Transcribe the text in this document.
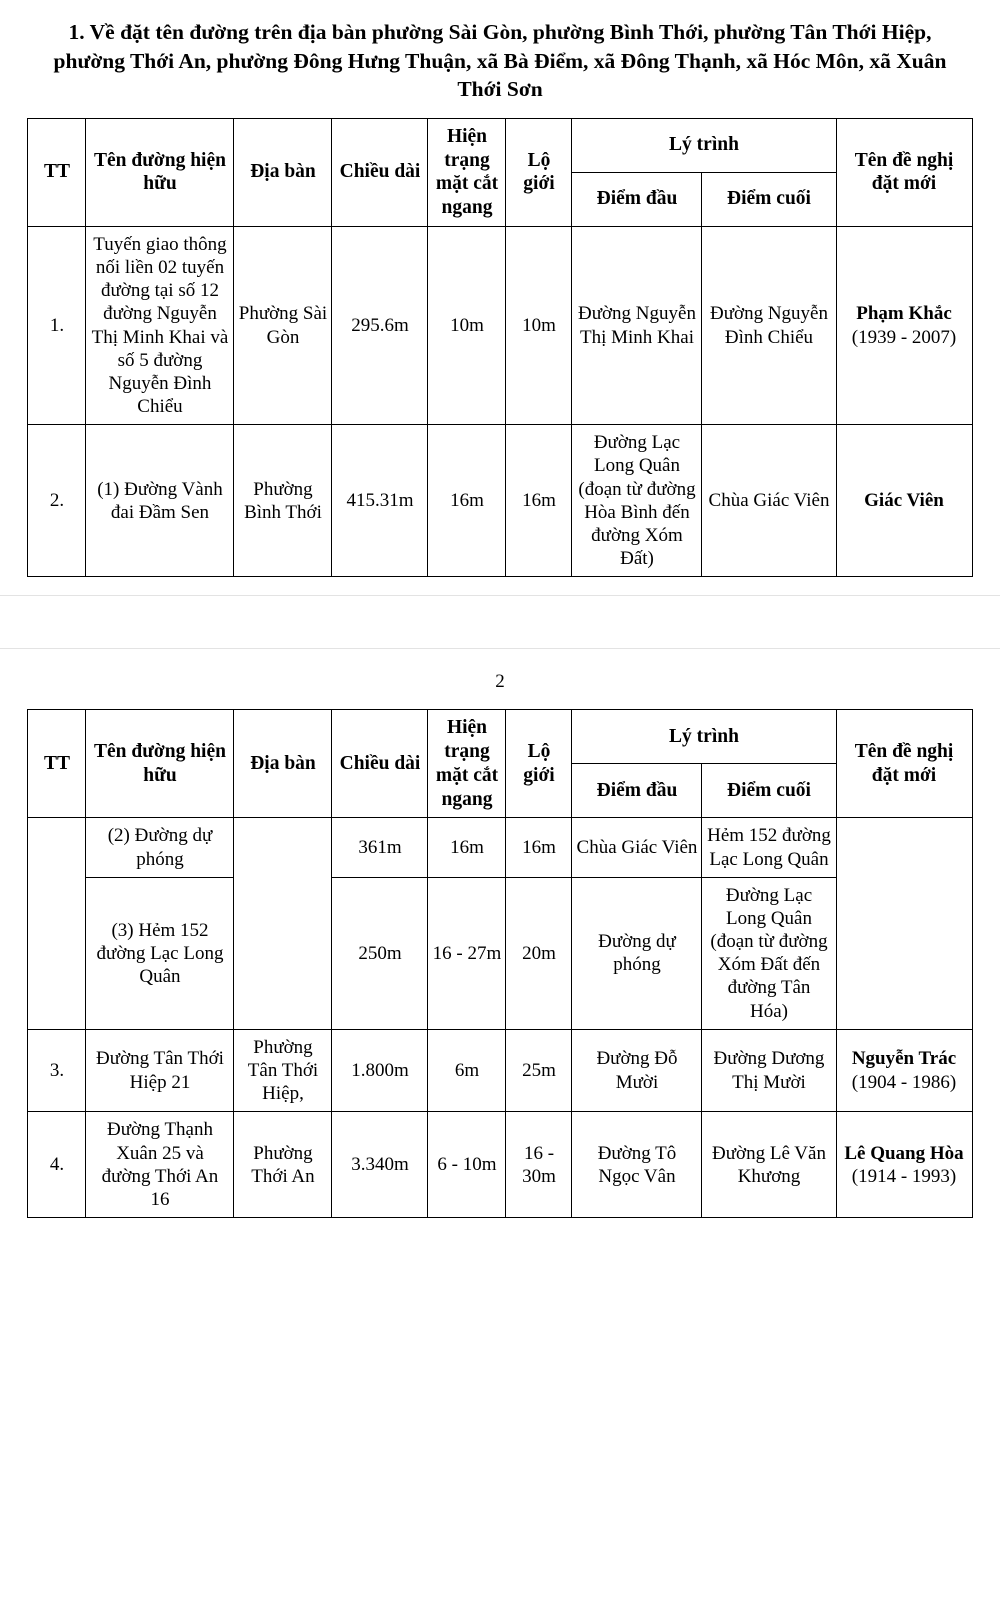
1. Về đặt tên đường trên địa bàn phường Sài Gòn, phường Bình Thới, phường Tân Thới Hiệp, phường Thới An, phường Đông Hưng Thuận, xã Bà Điểm, xã Đông Thạnh, xã Hóc Môn, xã Xuân Thới Sơn
TT	Tên đường hiện hữu	Địa bàn	Chiều dài	Hiện trạng mặt cắt ngang	Lộ giới	Lý trình		Tên đề nghị đặt mới
						Điểm đầu	Điểm cuối	
1.	Tuyến giao thông nối liền 02 tuyến đường tại số 12 đường Nguyễn Thị Minh Khai và số 5 đường Nguyễn Đình Chiểu	Phường Sài Gòn	295.6m	10m	10m	Đường Nguyễn Thị Minh Khai	Đường Nguyễn Đình Chiểu	Phạm Khắc
(1939 - 2007)

2.	(1) Đường Vành đai Đầm Sen	Phường Bình Thới	415.31m	16m	16m	Đường Lạc Long Quân (đoạn từ đường Hòa Bình đến đường Xóm Đất)	Chùa Giác Viên	Giác Viên
2
TT	Tên đường hiện hữu	Địa bàn	Chiều dài	Hiện trạng mặt cắt ngang	Lộ giới	Lý trình		Tên đề nghị đặt mới
						Điểm đầu	Điểm cuối	
	(2) Đường dự phóng		361m	16m	16m	Chùa Giác Viên	Hẻm 152 đường Lạc Long Quân	
	(3) Hẻm 152 đường Lạc Long Quân		250m	16 - 27m	20m	Đường dự phóng	Đường Lạc Long Quân (đoạn từ đường Xóm Đất đến đường Tân Hóa)	
3.	Đường Tân Thới Hiệp 21	Phường Tân Thới Hiệp,	1.800m	6m	25m	Đường Đỗ Mười	Đường Dương Thị Mười	Nguyễn Trác
(1904 - 1986)

4.	Đường Thạnh Xuân 25 và đường Thới An 16	Phường Thới An	3.340m	6 - 10m	16 - 30m	Đường Tô Ngọc Vân	Đường Lê Văn Khương	Lê Quang Hòa
(1914 - 1993)
